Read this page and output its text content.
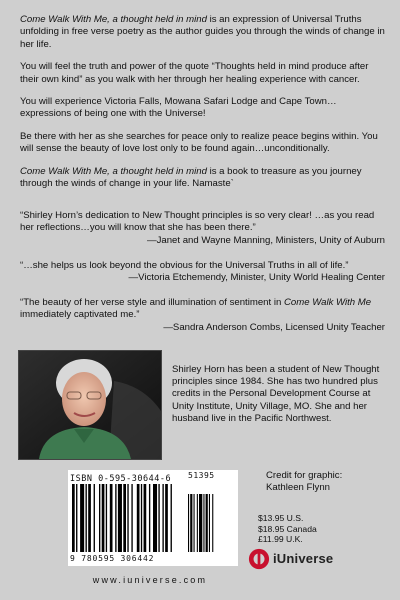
Come Walk With Me, a thought held in mind is an expression of Universal Truths unfolding in free verse poetry as the author guides you through the winds of change in her life.

You will feel the truth and power of the quote “Thoughts held in mind produce after their own kind” as you walk with her through her healing experience with cancer.

You will experience Victoria Falls, Mowana Safari Lodge and Cape Town…expressions of being one with the Universe!

Be there with her as she searches for peace only to realize peace begins within. You will sense the beauty of love lost only to be found again…unconditionally.

Come Walk With Me, a thought held in mind is a book to treasure as you journey through the winds of change in your life. Namaste`

“Shirley Horn’s dedication to New Thought principles is so very clear! …as you read her reflections…you will know that she has been there.”

—Janet and Wayne Manning, Ministers, Unity of Auburn

“…she helps us look beyond the obvious for the Universal Truths in all of life.”

—Victoria Etchemendy, Minister, Unity World Healing Center

“The beauty of her verse style and illumination of sentiment in Come Walk With Me immediately captivated me.”

—Sandra Anderson Combs, Licensed Unity Teacher

Shirley Horn has been a student of New Thought principles since 1984. She has two hundred plus credits in the Personal Development Course at Unity Institute, Unity Village, MO. She and her husband live in the Pacific Northwest.
ISBN 0-595-30644-6
9 780595 306442
51395	Credit for graphic:
Kathleen Flynn
$13.95 U.S.
$18.95 Canada
£11.99 U.K.
iUniverse
www.iuniverse.com
